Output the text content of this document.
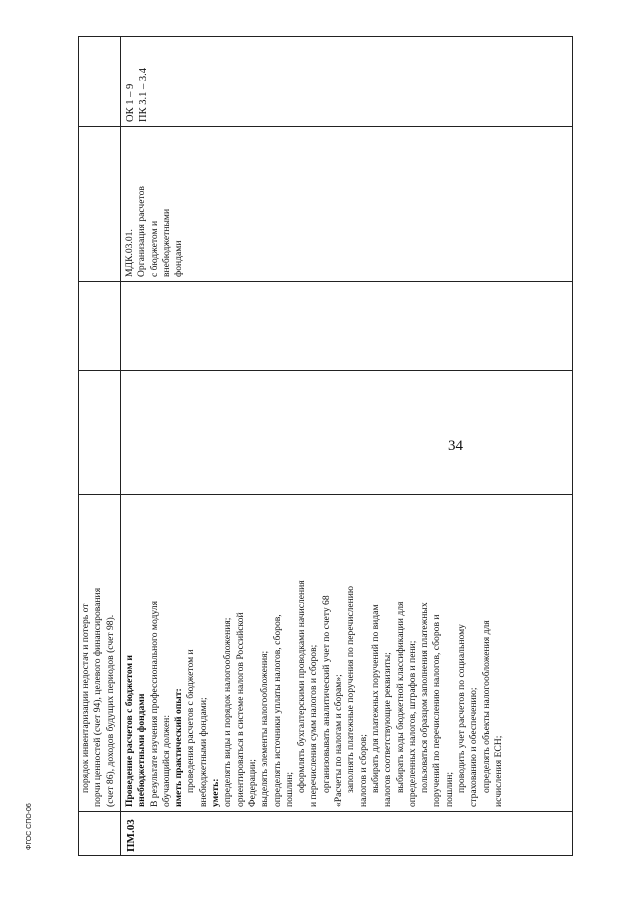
34
ФГОС СПО-06
порядок инвентаризации недостач и потерь от порчи ценностей (счет 94), целевого финансирования (счет 86), доходов будущих периодов (счет 98).
ПМ.03
Проведение расчетов с бюджетом и внебюджетными фондами В результате изучения профессионального модуля обучающийся должен: иметь практический опыт: проведения расчетов с бюджетом и внебюджетными фондами; уметь: определять виды и порядок налогообложения; ориентироваться в системе налогов Российской Федерации; выделять элементы налогообложения; определять источники уплаты налогов, сборов, пошлин; оформлять бухгалтерскими проводками начисления и перечисления сумм налогов и сборов; организовывать аналитический учет по счету 68 «Расчеты по налогам и сборам»; заполнять платежные поручения по перечислению налогов и сборов; выбирать для платежных поручений по видам налогов соответствующие реквизиты; выбирать коды бюджетной классификации для определенных налогов, штрафов и пени; пользоваться образцом заполнения платежных поручений по перечислению налогов, сборов и пошлин; проводить учет расчетов по социальному страхованию и обеспечению; определять объекты налогообложения для исчисления ЕСН;
МДК.03.01. Организация расчетов с бюджетом и внебюджетными фондами
ОК 1 – 9 ПК 3.1 – 3.4
